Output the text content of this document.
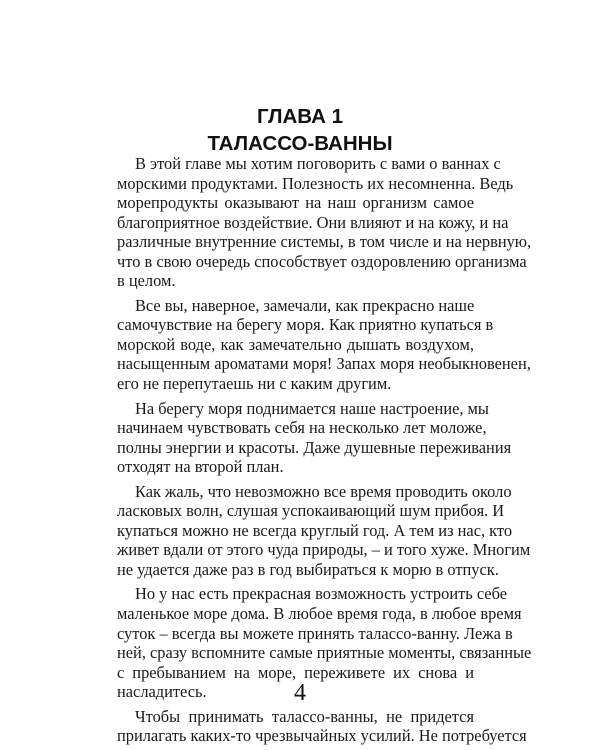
ГЛАВА 1
ТАЛАССО-ВАННЫ

В этой главе мы хотим поговорить с вами о ваннах с
морскими продуктами. Полезность их несомненна. Ведь
морепродукты оказывают на наш организм самое
благоприятное воздействие. Они влияют и на кожу, и на
различные внутренние системы, в том числе и на нервную,
что в свою очередь способствует оздоровлению организма
в целом.

Все вы, наверное, замечали, как прекрасно наше
самочувствие на берегу моря. Как приятно купаться в
морской воде, как замечательно дышать воздухом,
насыщенным ароматами моря! Запах моря необыкновенен,
его не перепутаешь ни с каким другим.

На берегу моря поднимается наше настроение, мы
начинаем чувствовать себя на несколько лет моложе,
полны энергии и красоты. Даже душевные переживания
отходят на второй план.

Как жаль, что невозможно все время проводить около
ласковых волн, слушая успокаивающий шум прибоя. И
купаться можно не всегда круглый год. А тем из нас, кто
живет вдали от этого чуда природы, – и того хуже. Многим
не удается даже раз в год выбираться к морю в отпуск.

Но у нас есть прекрасная возможность устроить себе
маленькое море дома. В любое время года, в любое время
суток – всегда вы можете принять талассо-ванну. Лежа в
ней, сразу вспомните самые приятные моменты, связанные
с пребыванием на море, переживете их снова и
насладитесь.

Чтобы принимать талассо-ванны, не придется
прилагать каких-то чрезвычайных усилий. Не потребуется

4
